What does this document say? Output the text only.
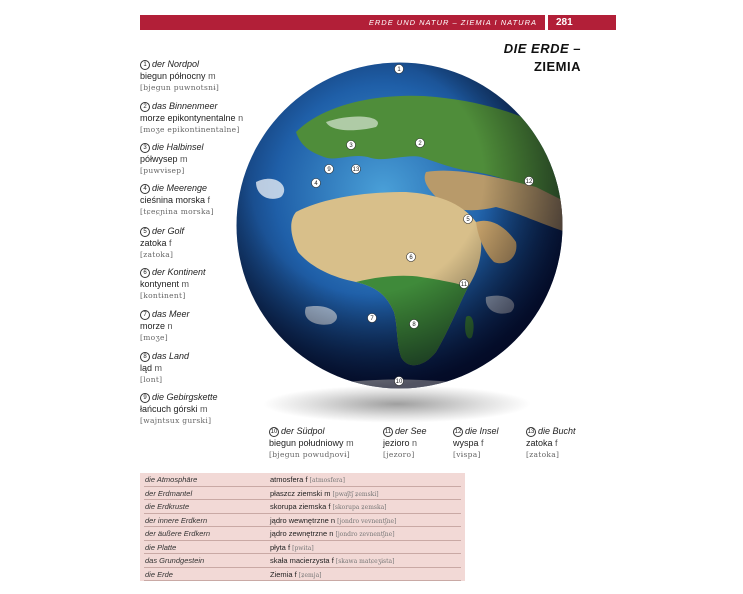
ERDE UND NATUR – ZIEMIA I NATURA	281
DIE ERDE –
ZIEMIA
1 der Nordpol
biegun północny m
[bjegun puwnotsnɨ]
2 das Binnenmeer
morze epikontynentalne n
[moʒe epikontɨnentalne]
3 die Halbinsel
półwysep m
[puwvɨsep]
4 die Meerenge
cieśnina morska f
[tɕeɕɲina morska]
5 der Golf
zatoka f
[zatoka]
6 der Kontinent
kontynent m
[kontɨnent]
7 das Meer
morze n
[moʒe]
8 das Land
ląd m
[lont]
9 die Gebirgskette
łańcuch górski m
[wajntsux gurski]
1
2
3
4
5
6
7
8
9
10
11
12
13
10 der Südpol
biegun południowy m
[bjegun powudɲovɨ]
11 der See
jezioro n
[jezoro]
12 die Insel
wyspa f
[vɨspa]
13 die Bucht
zatoka f
[zatoka]
die Atmosphäre	atmosfera f [atmosfera]
der Erdmantel	płaszcz ziemski m [pwaʃtʃ ʑemski]
die Erdkruste	skorupa ziemska f [skorupa ʑemska]
der innere Erdkern	jądro wewnętrzne n [jondro vevnentʃne]
der äußere Erdkern	jądro zewnętrzne n [jondro zevnentʃne]
die Platte	płyta f [pwɨta]
das Grundgestein	skała macierzysta f [skawa matɕeʒɨsta]
die Erde	Ziemia f [ʑemja]
